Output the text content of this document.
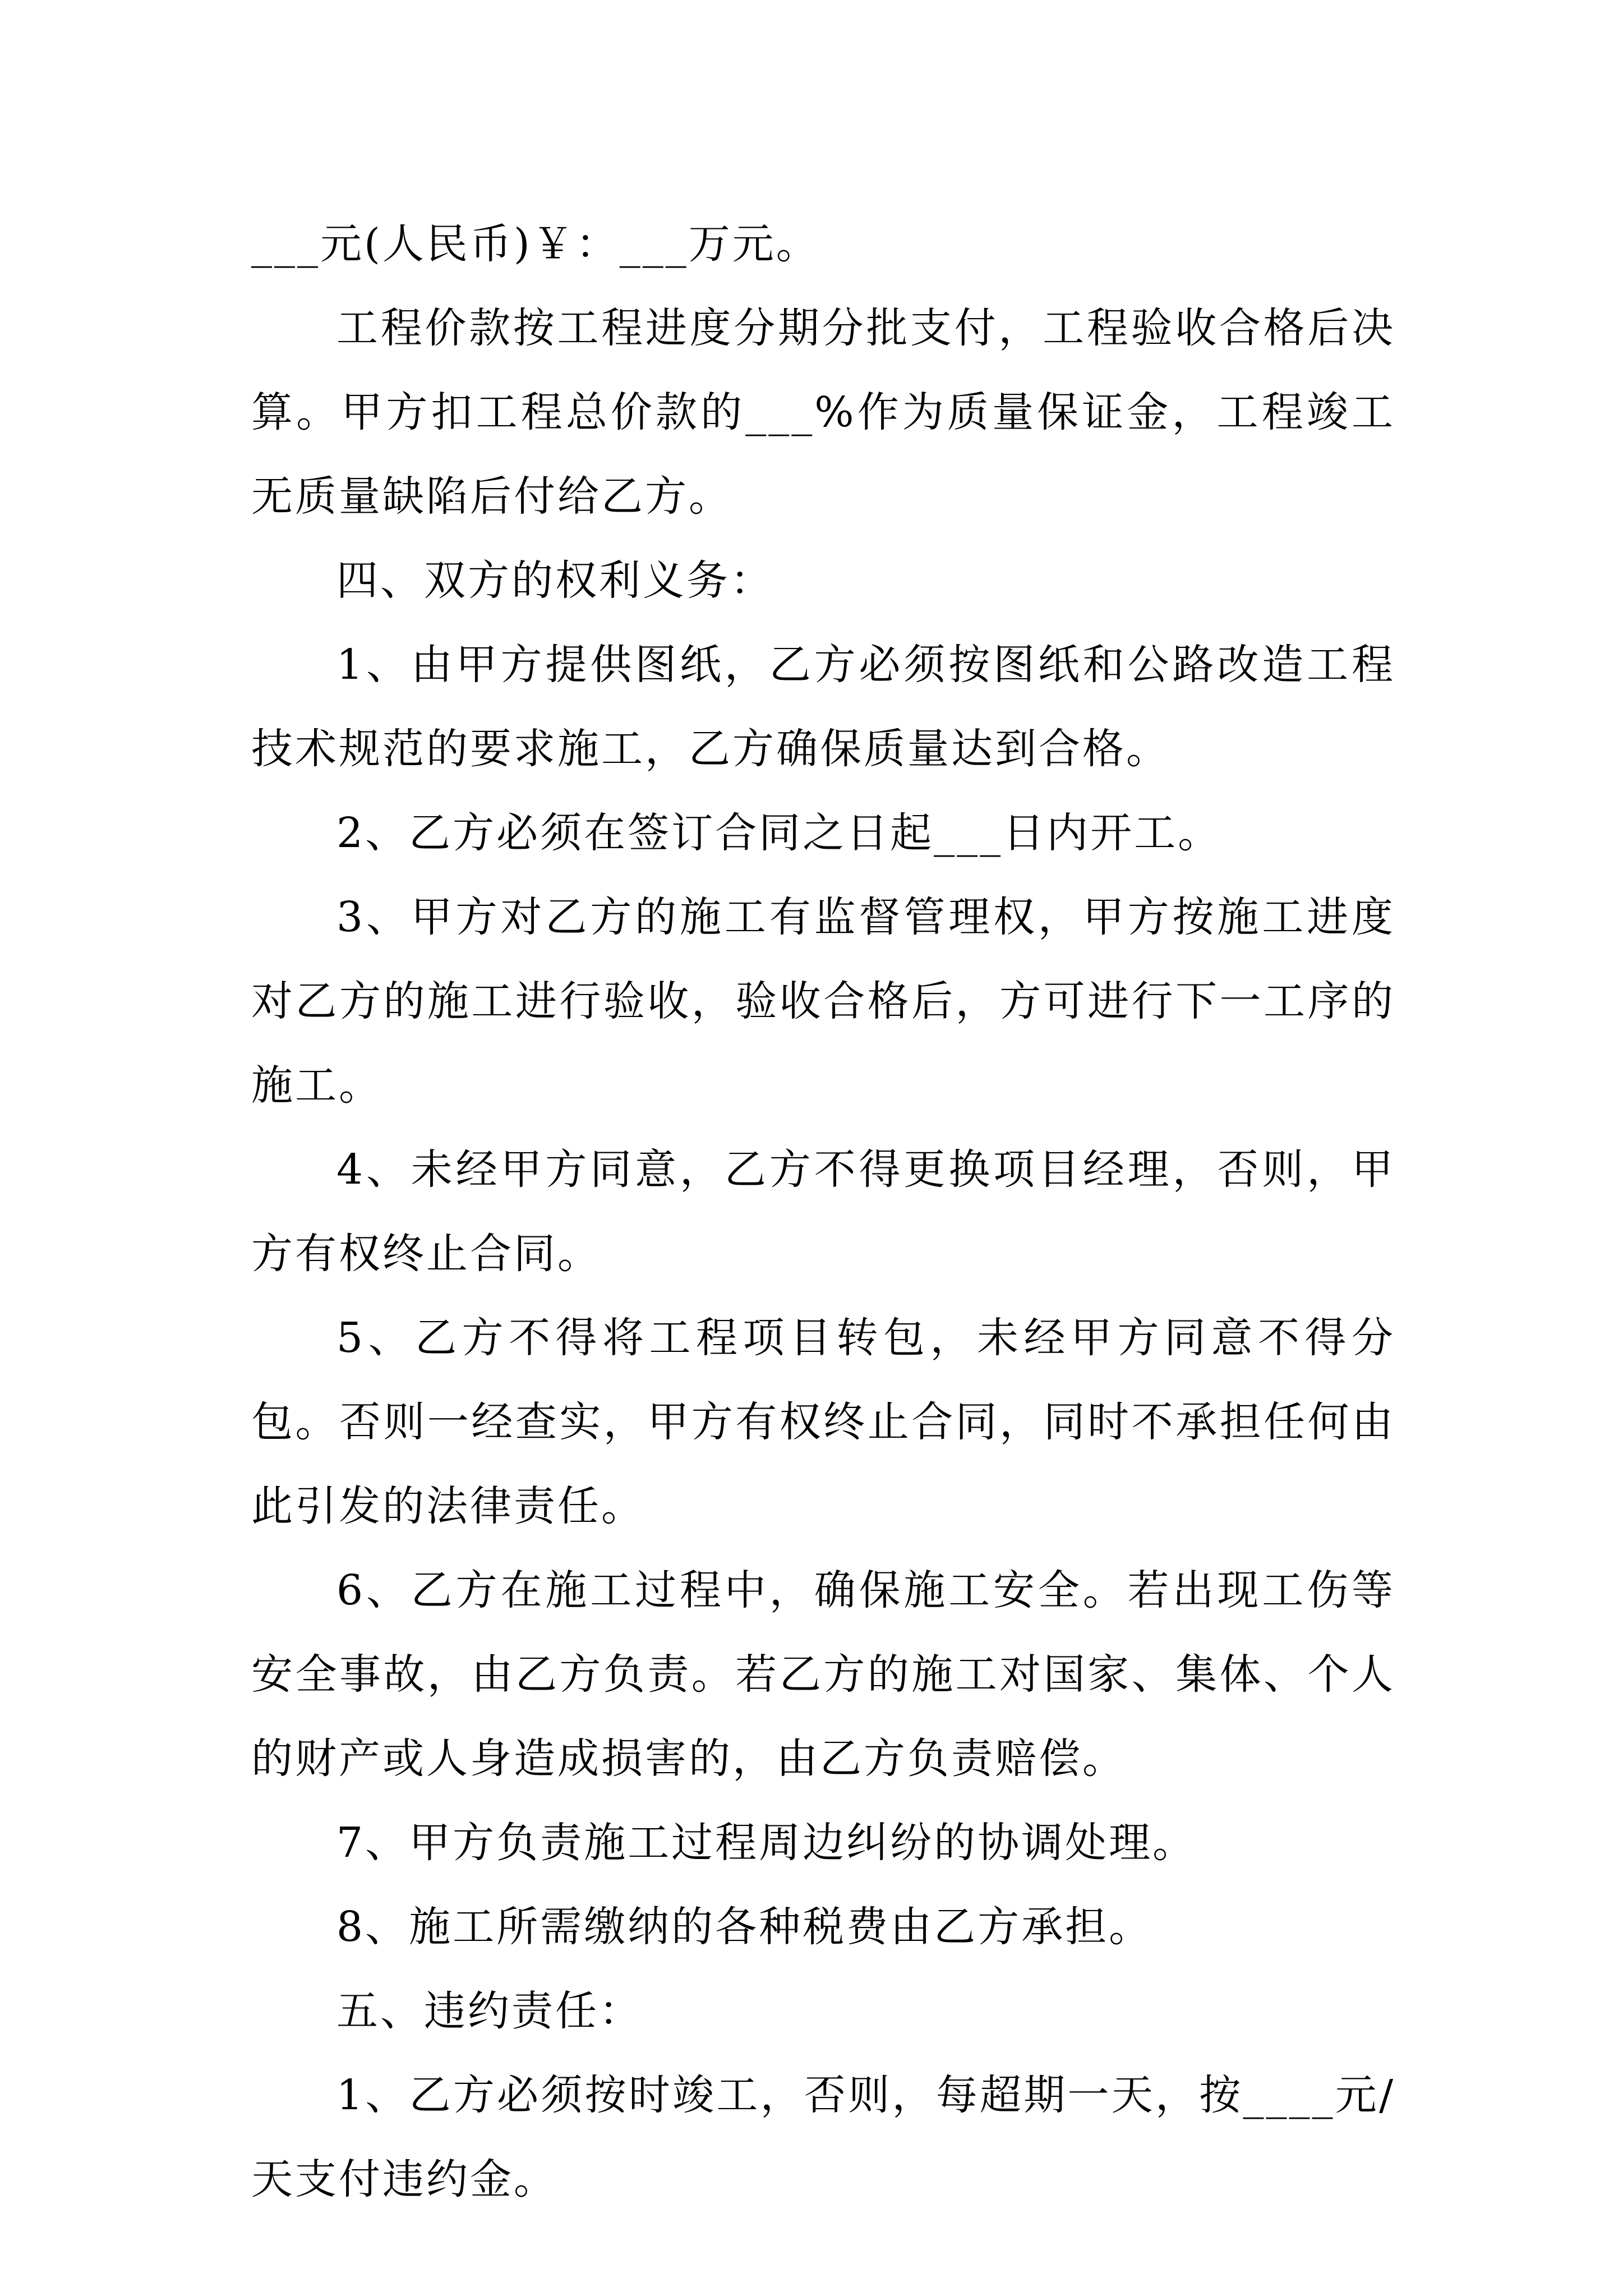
___元(人民币)￥：___万元。

工程价款按工程进度分期分批支付，工程验收合格后决算。甲方扣工程总价款的___%作为质量保证金，工程竣工无质量缺陷后付给乙方。

四、双方的权利义务：

1、由甲方提供图纸，乙方必须按图纸和公路改造工程技术规范的要求施工，乙方确保质量达到合格。

2、乙方必须在签订合同之日起___日内开工。

3、甲方对乙方的施工有监督管理权，甲方按施工进度对乙方的施工进行验收，验收合格后，方可进行下一工序的施工。

4、未经甲方同意，乙方不得更换项目经理，否则，甲方有权终止合同。

5、乙方不得将工程项目转包，未经甲方同意不得分包。否则一经查实，甲方有权终止合同，同时不承担任何由此引发的法律责任。

6、乙方在施工过程中，确保施工安全。若出现工伤等安全事故，由乙方负责。若乙方的施工对国家、集体、个人的财产或人身造成损害的，由乙方负责赔偿。

7、甲方负责施工过程周边纠纷的协调处理。

8、施工所需缴纳的各种税费由乙方承担。

五、违约责任：

1、乙方必须按时竣工，否则，每超期一天，按____元/天支付违约金。
